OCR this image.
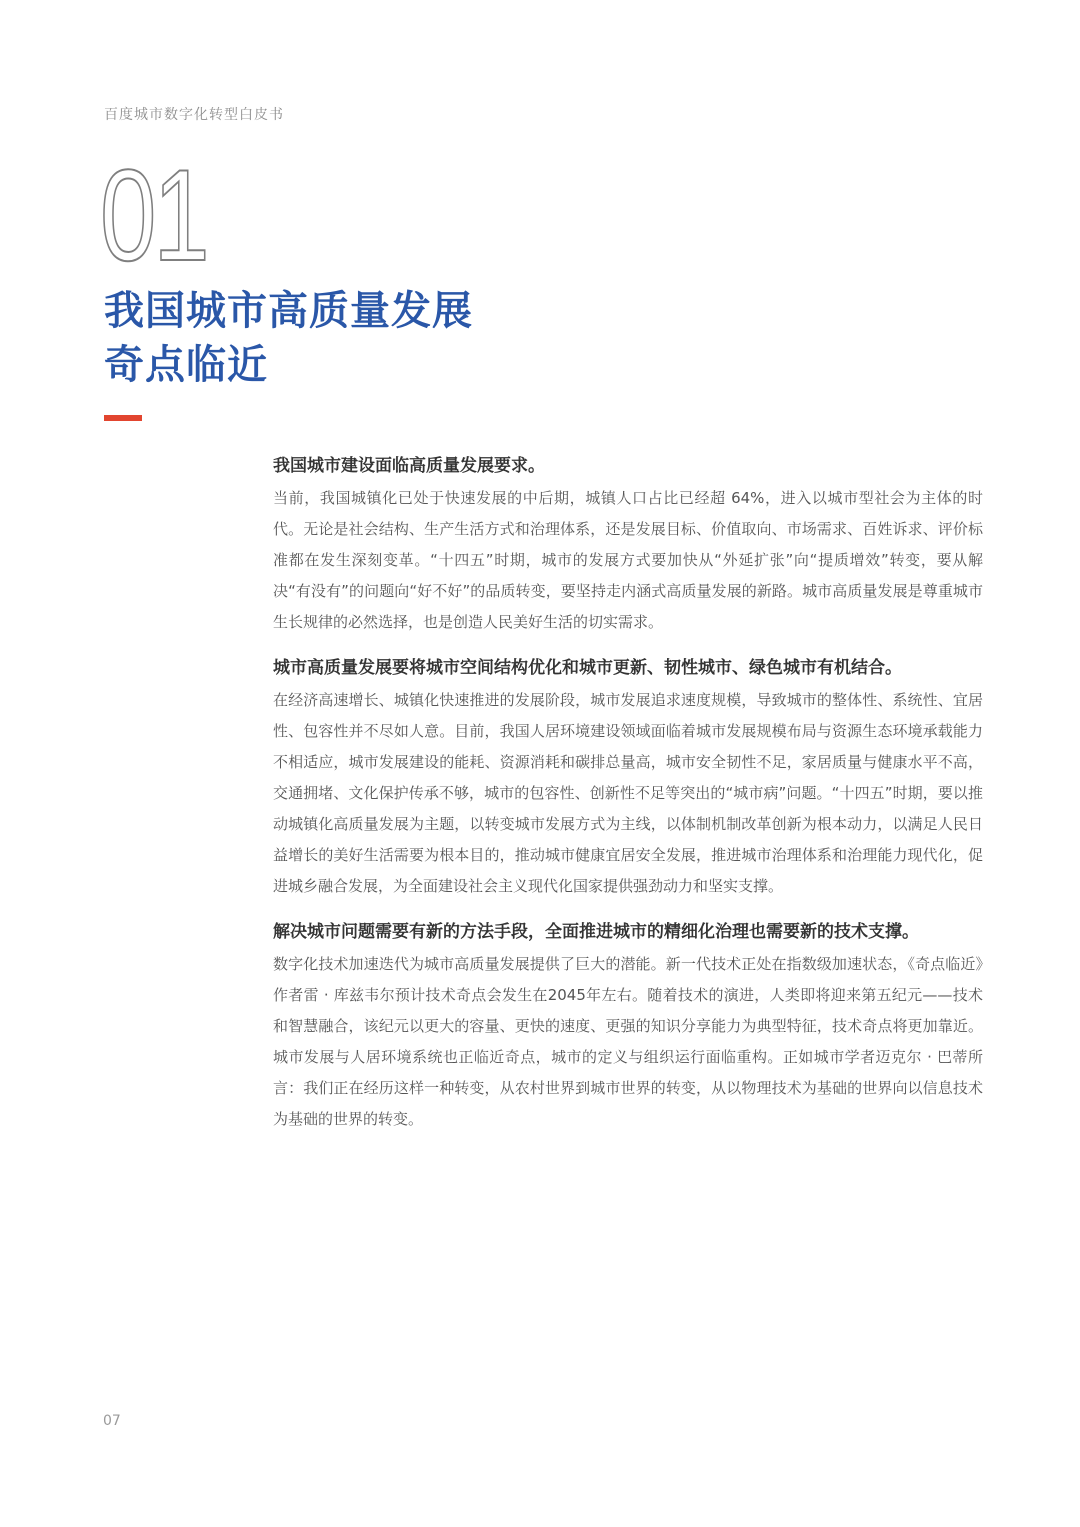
百度城市数字化转型白皮书
01
我国城市高质量发展
奇点临近
我国城市建设面临高质量发展要求。

当前，我国城镇化已处于快速发展的中后期，城镇人口占比已经超 64%，进入以城市型社会为主体的时代。无论是社会结构、生产生活方式和治理体系，还是发展目标、价值取向、市场需求、百姓诉求、评价标准都在发生深刻变革。“十四五”时期，城市的发展方式要加快从“外延扩张”向“提质增效”转变，要从解决“有没有”的问题向“好不好”的品质转变，要坚持走内涵式高质量发展的新路。城市高质量发展是尊重城市生长规律的必然选择，也是创造人民美好生活的切实需求。

城市高质量发展要将城市空间结构优化和城市更新、韧性城市、绿色城市有机结合。

在经济高速增长、城镇化快速推进的发展阶段，城市发展追求速度规模，导致城市的整体性、系统性、宜居性、包容性并不尽如人意。目前，我国人居环境建设领域面临着城市发展规模布局与资源生态环境承载能力不相适应，城市发展建设的能耗、资源消耗和碳排总量高，城市安全韧性不足，家居质量与健康水平不高，交通拥堵、文化保护传承不够，城市的包容性、创新性不足等突出的“城市病”问题。“十四五”时期，要以推动城镇化高质量发展为主题，以转变城市发展方式为主线，以体制机制改革创新为根本动力，以满足人民日益增长的美好生活需要为根本目的，推动城市健康宜居安全发展，推进城市治理体系和治理能力现代化，促进城乡融合发展，为全面建设社会主义现代化国家提供强劲动力和坚实支撑。

解决城市问题需要有新的方法手段，全面推进城市的精细化治理也需要新的技术支撑。

数字化技术加速迭代为城市高质量发展提供了巨大的潜能。新一代技术正处在指数级加速状态，《奇点临近》作者雷 · 库兹韦尔预计技术奇点会发生在2045年左右。随着技术的演进，人类即将迎来第五纪元——技术和智慧融合，该纪元以更大的容量、更快的速度、更强的知识分享能力为典型特征，技术奇点将更加靠近。城市发展与人居环境系统也正临近奇点，城市的定义与组织运行面临重构。正如城市学者迈克尔 · 巴蒂所言：我们正在经历这样一种转变，从农村世界到城市世界的转变，从以物理技术为基础的世界向以信息技术为基础的世界的转变。

07
